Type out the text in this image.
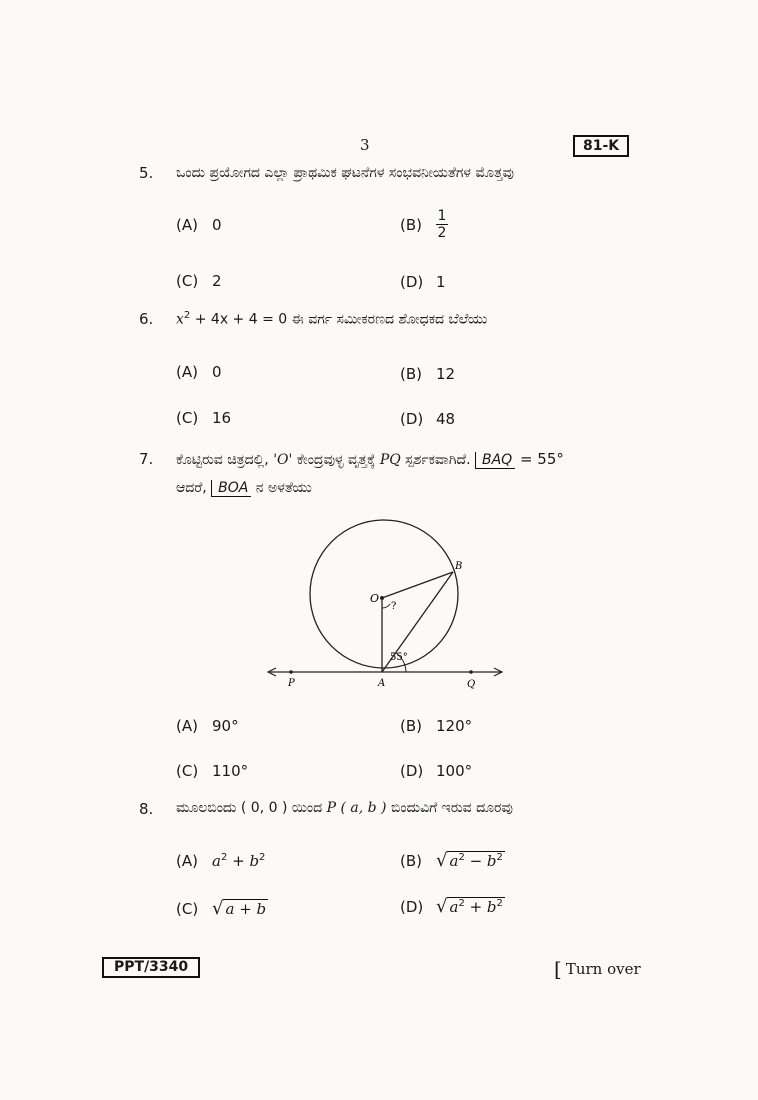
3	81-K
5. ಒಂದು ಪ್ರಯೋಗದ ಎಲ್ಲಾ ಪ್ರಾಥಮಿಕ ಘಟನೆಗಳ ಸಂಭವನೀಯತೆಗಳ ಮೊತ್ತವು
(A) 0	$(B) \frac{1}{2}$
(C) 2	(D) 1
6. $x^2 + 4x + 4 = 0$ ಈ ವರ್ಗ ಸಮೀಕರಣದ ಶೋಧಕದ ಬೆಲೆಯು
(A) 0	(B) 12
(C) 16	(D) 48
7. ಕೊಟ್ಟಿರುವ ಚಿತ್ರದಲ್ಲಿ, 'O' ಕೇಂದ್ರವುಳ್ಳ ವೃತ್ತಕ್ಕೆ PQ ಸ್ಪರ್ಶಕವಾಗಿದೆ. BAQ = 55°
ಆದರೆ, BOA ನ ಅಳತೆಯು
O
B
A
P	Q
?
55°
(A) 90°	(B) 120°
(C) 110°	(D) 100°
8. ಮೂಲಬಿಂದು ( 0, 0 ) ಯಿಂದ P ( a, b ) ಬಿಂದುವಿಗೆ ಇರುವ ದೂರವು
(A) $a^2 + b^2$	(B) √ $a^2 - b^2$
(C) √ a + b	(D) √ $a^2 + b^2$
PPT/3340	[ Turn over
